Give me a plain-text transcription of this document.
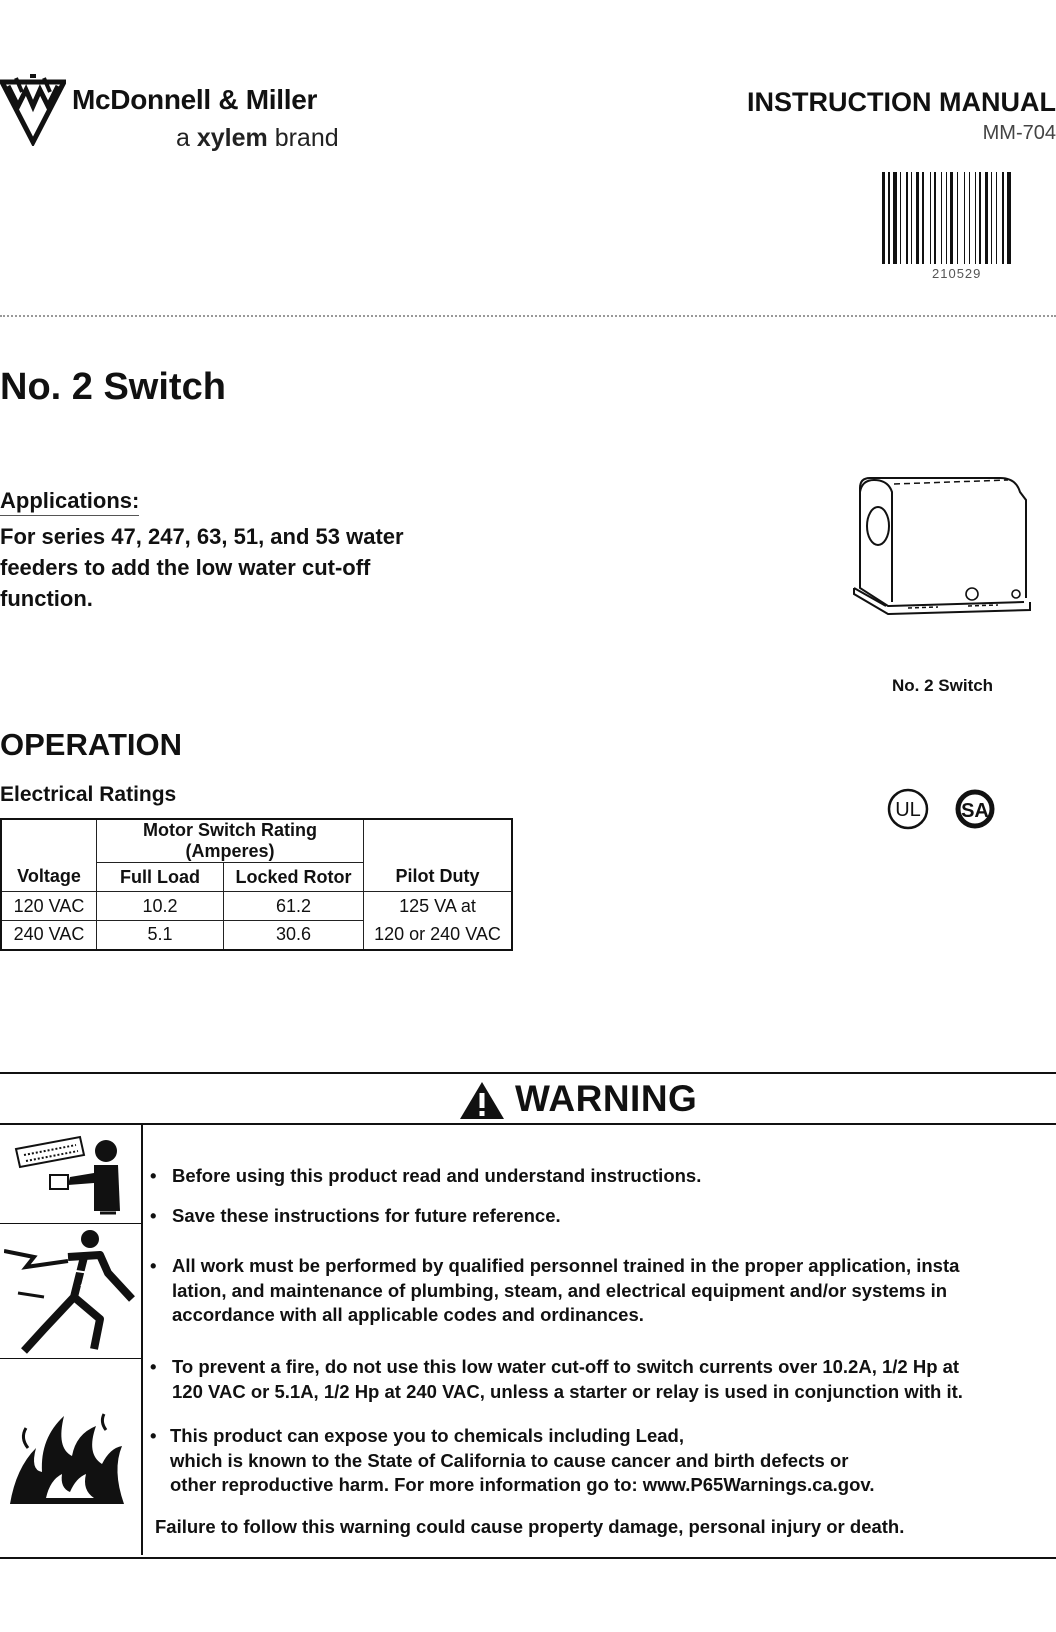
McDonnell & Miller
a xylem brand
INSTRUCTION MANUAL
MM-704
210529
No. 2 Switch
Applications:
For series 47, 247, 63, 51, and 53 water
feeders to add the low water cut-off
function.
No. 2 Switch
OPERATION
Electrical Ratings
UL SA
	Motor Switch Rating (Amperes)		
Voltage	Full Load	Locked Rotor	Pilot Duty
120 VAC	10.2	61.2	125 VA at
240 VAC	5.1	30.6	120 or 240 VAC
WARNING
• Before using this product read and understand instructions.
• Save these instructions for future reference.
• All work must be performed by qualified personnel trained in the proper application, insta
lation, and maintenance of plumbing, steam, and electrical equipment and/or systems in
accordance with all applicable codes and ordinances.
• To prevent a fire, do not use this low water cut-off to switch currents over 10.2A, 1/2 Hp at
120 VAC or 5.1A, 1/2 Hp at 240 VAC, unless a starter or relay is used in conjunction with it.
• This product can expose you to chemicals including Lead,
which is known to the State of California to cause cancer and birth defects or
other reproductive harm. For more information go to: www.P65Warnings.ca.gov.
Failure to follow this warning could cause property damage, personal injury or death.
